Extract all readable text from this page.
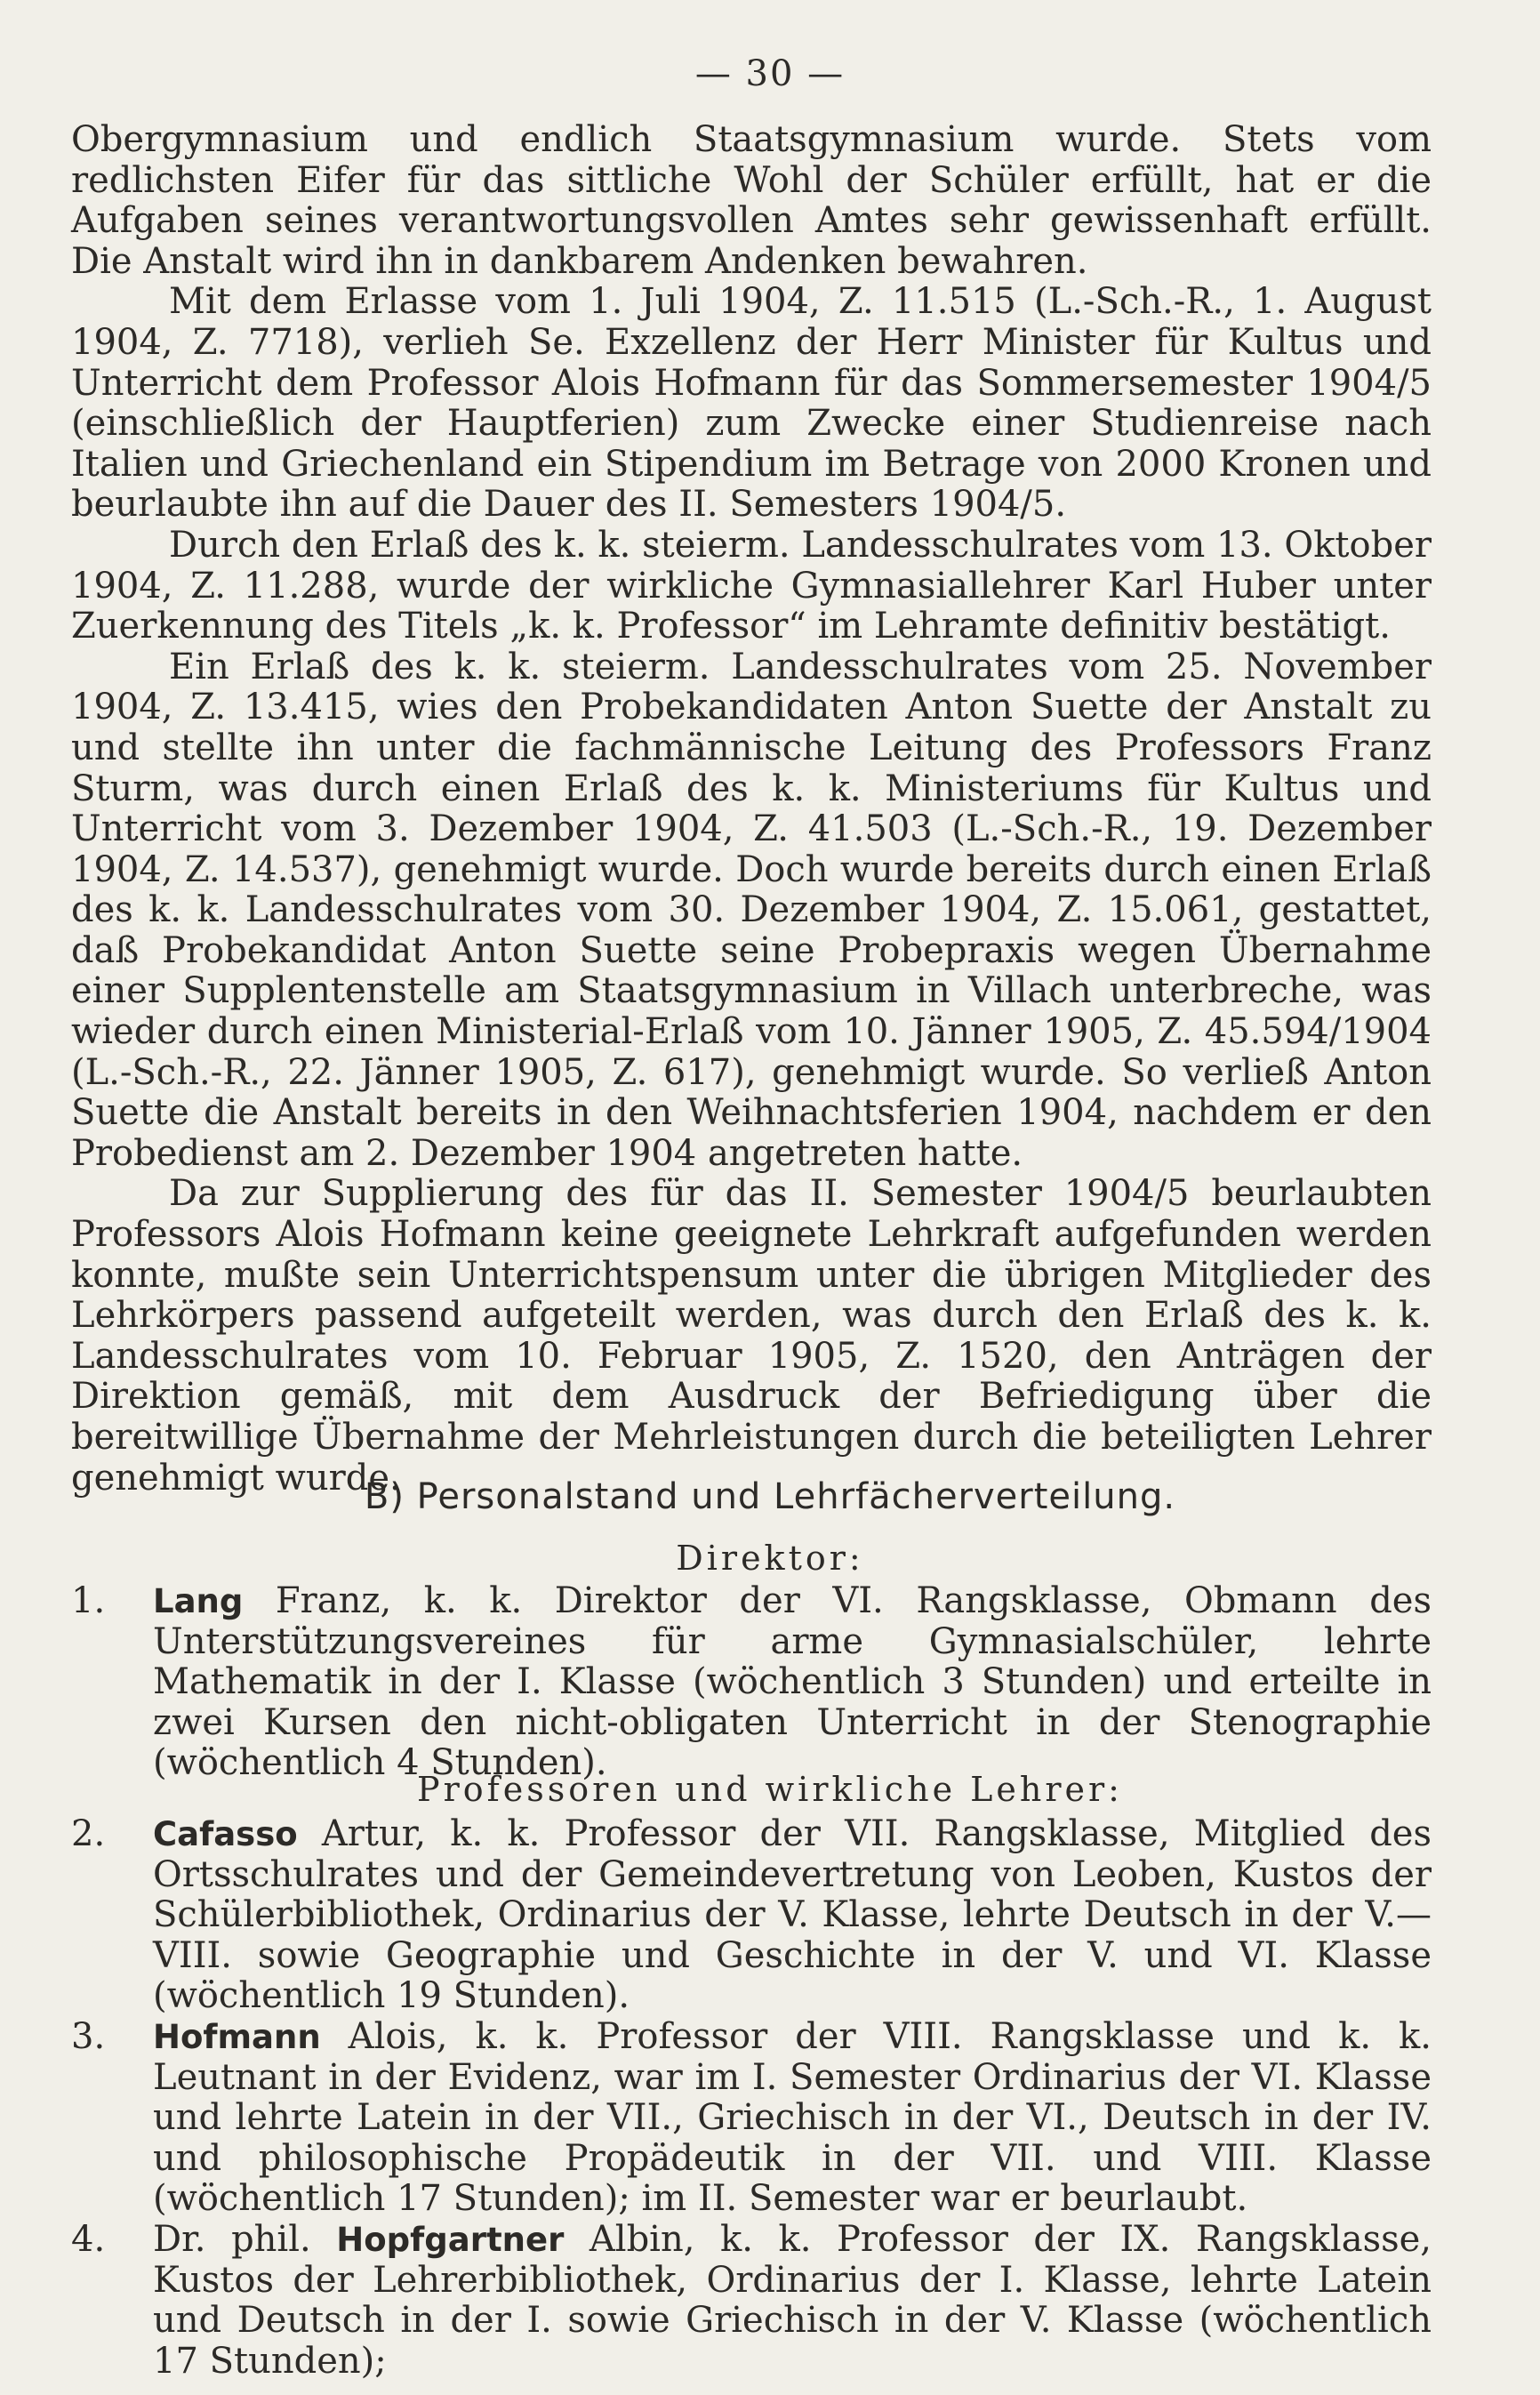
— 30 —

Obergymnasium und endlich Staatsgymnasium wurde. Stets vom redlichsten Eifer für das sittliche Wohl der Schüler erfüllt, hat er die Aufgaben seines verantwortungsvollen Amtes sehr gewissenhaft erfüllt. Die Anstalt wird ihn in dankbarem Andenken bewahren.

Mit dem Erlasse vom 1. Juli 1904, Z. 11.515 (L.-Sch.-R., 1. August 1904, Z. 7718), verlieh Se. Exzellenz der Herr Minister für Kultus und Unterricht dem Professor Alois Hofmann für das Sommersemester 1904/5 (einschließlich der Hauptferien) zum Zwecke einer Studienreise nach Italien und Griechenland ein Stipendium im Betrage von 2000 Kronen und beurlaubte ihn auf die Dauer des II. Semesters 1904/5.

Durch den Erlaß des k. k. steierm. Landesschulrates vom 13. Oktober 1904, Z. 11.288, wurde der wirkliche Gymnasiallehrer Karl Huber unter Zuerkennung des Titels „k. k. Professor“ im Lehramte definitiv bestätigt.

Ein Erlaß des k. k. steierm. Landesschulrates vom 25. November 1904, Z. 13.415, wies den Probekandidaten Anton Suette der Anstalt zu und stellte ihn unter die fachmännische Leitung des Professors Franz Sturm, was durch einen Erlaß des k. k. Ministeriums für Kultus und Unterricht vom 3. Dezember 1904, Z. 41.503 (L.-Sch.-R., 19. Dezember 1904, Z. 14.537), genehmigt wurde. Doch wurde bereits durch einen Erlaß des k. k. Landesschulrates vom 30. Dezember 1904, Z. 15.061, gestattet, daß Probekandidat Anton Suette seine Probepraxis wegen Übernahme einer Supplentenstelle am Staatsgymnasium in Villach unterbreche, was wieder durch einen Ministerial-Erlaß vom 10. Jänner 1905, Z. 45.594/1904 (L.-Sch.-R., 22. Jänner 1905, Z. 617), genehmigt wurde. So verließ Anton Suette die Anstalt bereits in den Weihnachtsferien 1904, nachdem er den Probedienst am 2. Dezember 1904 angetreten hatte.

Da zur Supplierung des für das II. Semester 1904/5 beurlaubten Professors Alois Hofmann keine geeignete Lehrkraft aufgefunden werden konnte, mußte sein Unterrichtspensum unter die übrigen Mitglieder des Lehrkörpers passend aufgeteilt werden, was durch den Erlaß des k. k. Landesschulrates vom 10. Februar 1905, Z. 1520, den Anträgen der Direktion gemäß, mit dem Ausdruck der Befriedigung über die bereitwillige Übernahme der Mehrleistungen durch die beteiligten Lehrer genehmigt wurde.

B) Personalstand und Lehrfächerverteilung.
Direktor:
1. Lang Franz, k. k. Direktor der VI. Rangsklasse, Obmann des Unterstützungsvereines für arme Gymnasialschüler, lehrte Mathematik in der I. Klasse (wöchentlich 3 Stunden) und erteilte in zwei Kursen den nicht-obligaten Unterricht in der Stenographie (wöchentlich 4 Stunden).
Professoren und wirkliche Lehrer:
2. Cafasso Artur, k. k. Professor der VII. Rangsklasse, Mitglied des Ortsschulrates und der Gemeindevertretung von Leoben, Kustos der Schülerbibliothek, Ordinarius der V. Klasse, lehrte Deutsch in der V.—VIII. sowie Geographie und Geschichte in der V. und VI. Klasse (wöchentlich 19 Stunden).
3. Hofmann Alois, k. k. Professor der VIII. Rangsklasse und k. k. Leutnant in der Evidenz, war im I. Semester Ordinarius der VI. Klasse und lehrte Latein in der VII., Griechisch in der VI., Deutsch in der IV. und philosophische Propädeutik in der VII. und VIII. Klasse (wöchentlich 17 Stunden); im II. Semester war er beurlaubt.
4. Dr. phil. Hopfgartner Albin, k. k. Professor der IX. Rangsklasse, Kustos der Lehrerbibliothek, Ordinarius der I. Klasse, lehrte Latein und Deutsch in der I. sowie Griechisch in der V. Klasse (wöchentlich 17 Stunden);
